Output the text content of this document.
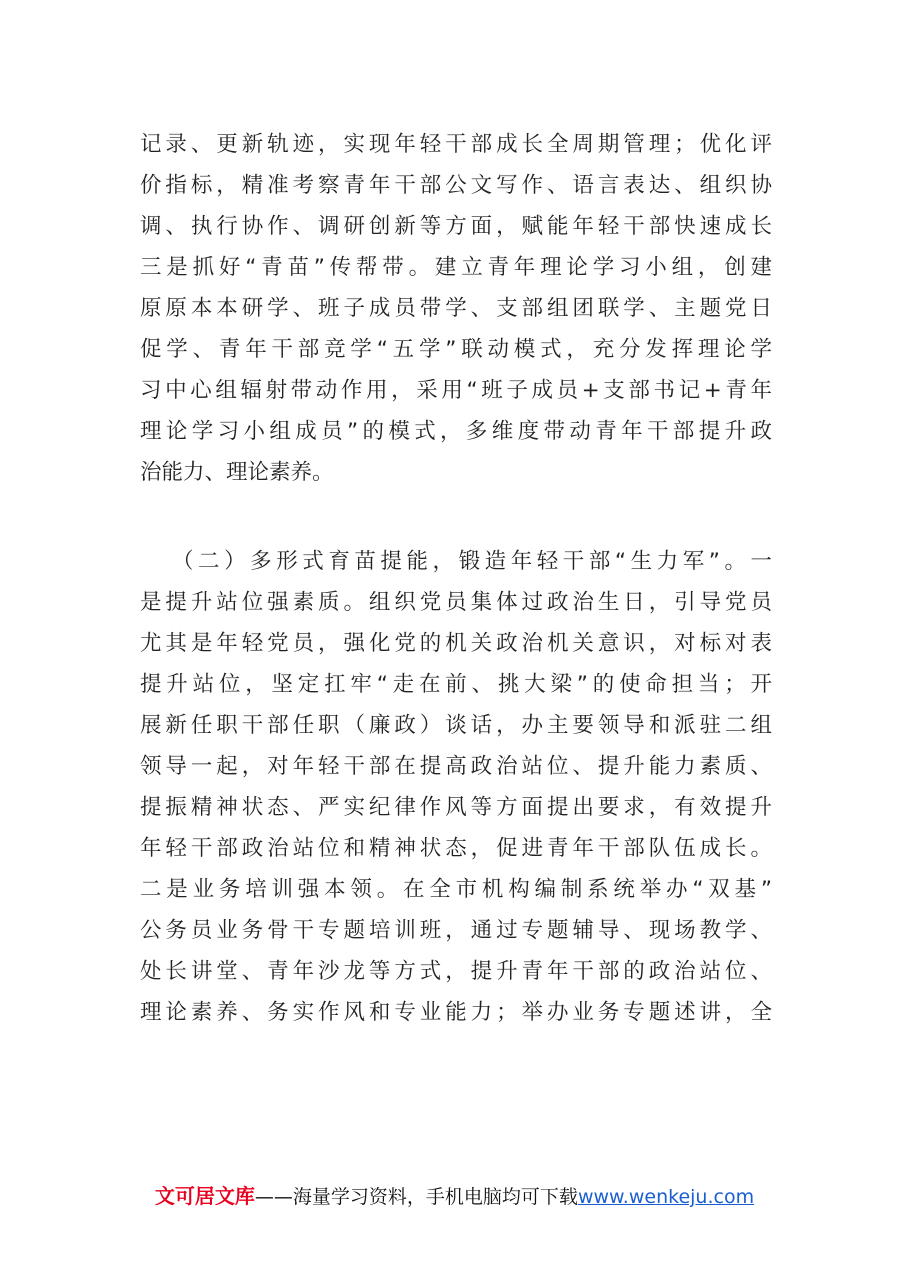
记录、更新轨迹，实现年轻干部成长全周期管理；优化评
价指标，精准考察青年干部公文写作、语言表达、组织协
调、执行协作、调研创新等方面，赋能年轻干部快速成长
三是抓好“青苗”传帮带。建立青年理论学习小组，创建
原原本本研学、班子成员带学、支部组团联学、主题党日
促学、青年干部竞学“五学”联动模式，充分发挥理论学
习中心组辐射带动作用，采用“班子成员+支部书记+青年
理论学习小组成员”的模式，多维度带动青年干部提升政
治能力、理论素养。
（二）多形式育苗提能，锻造年轻干部“生力军”。一
是提升站位强素质。组织党员集体过政治生日，引导党员
尤其是年轻党员，强化党的机关政治机关意识，对标对表
提升站位，坚定扛牢“走在前、挑大梁”的使命担当；开
展新任职干部任职（廉政）谈话，办主要领导和派驻二组
领导一起，对年轻干部在提高政治站位、提升能力素质、
提振精神状态、严实纪律作风等方面提出要求，有效提升
年轻干部政治站位和精神状态，促进青年干部队伍成长。
二是业务培训强本领。在全市机构编制系统举办“双基”
公务员业务骨干专题培训班，通过专题辅导、现场教学、
处长讲堂、青年沙龙等方式，提升青年干部的政治站位、
理论素养、务实作风和专业能力；举办业务专题述讲，全
文可居文库——海量学习资料，手机电脑均可下载www.wenkeju.com
